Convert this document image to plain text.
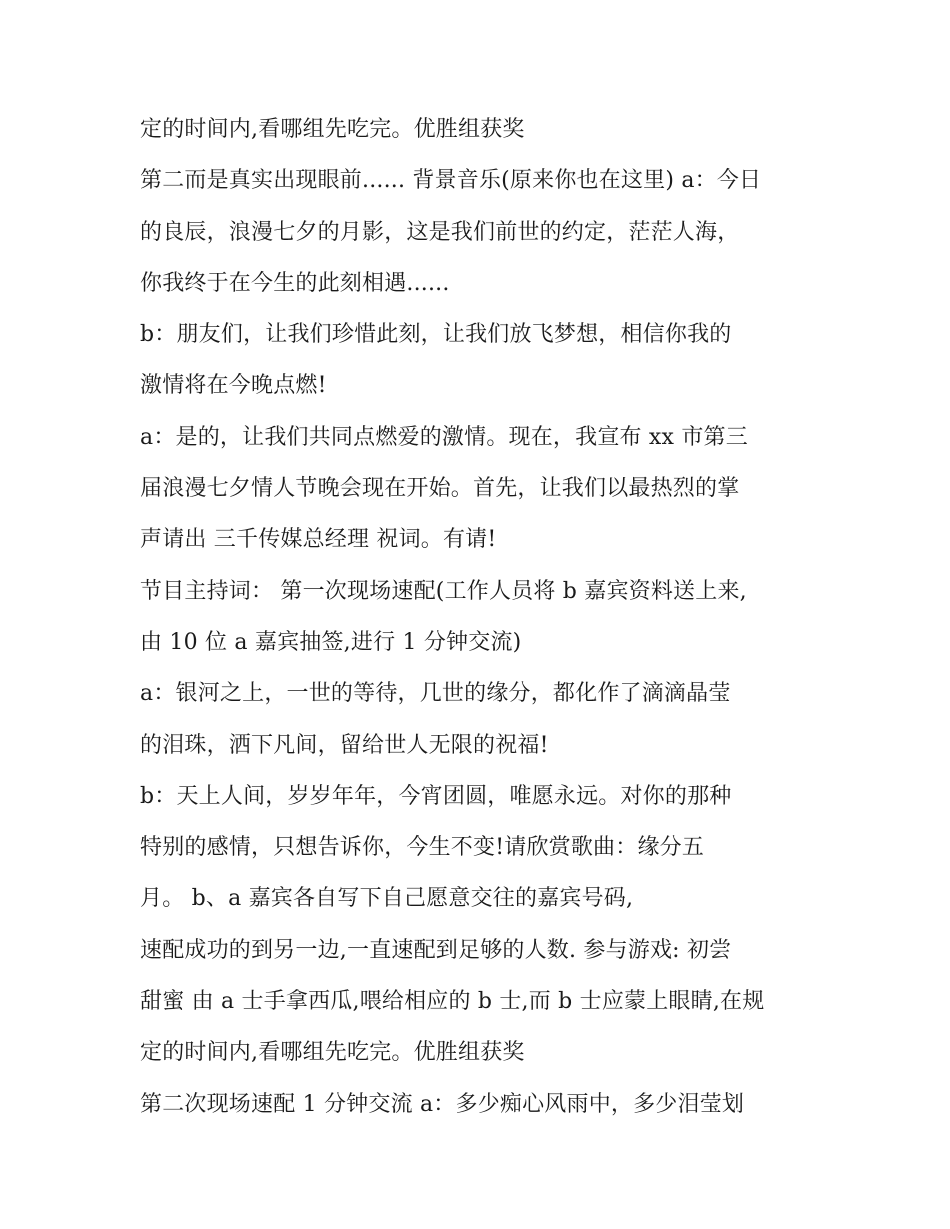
定的时间内,看哪组先吃完。优胜组获奖
第二而是真实出现眼前...... 背景音乐(原来你也在这里) a：今日
的良辰，浪漫七夕的月影，这是我们前世的约定，茫茫人海，
你我终于在今生的此刻相遇......
b：朋友们，让我们珍惜此刻，让我们放飞梦想，相信你我的
激情将在今晚点燃!
a：是的，让我们共同点燃爱的激情。现在，我宣布 xx 市第三
届浪漫七夕情人节晚会现在开始。首先，让我们以最热烈的掌
声请出 三千传媒总经理 祝词。有请!
节目主持词： 第一次现场速配(工作人员将 b 嘉宾资料送上来,
由 10 位 a 嘉宾抽签,进行 1 分钟交流)
a：银河之上，一世的等待，几世的缘分，都化作了滴滴晶莹
的泪珠，洒下凡间，留给世人无限的祝福!
b：天上人间，岁岁年年，今宵团圆，唯愿永远。对你的那种
特别的感情，只想告诉你，今生不变!请欣赏歌曲：缘分五
月。 b、a 嘉宾各自写下自己愿意交往的嘉宾号码,
速配成功的到另一边,一直速配到足够的人数. 参与游戏: 初尝
甜蜜 由 a 士手拿西瓜,喂给相应的 b 士,而 b 士应蒙上眼睛,在规
定的时间内,看哪组先吃完。优胜组获奖
第二次现场速配 1 分钟交流 a：多少痴心风雨中，多少泪莹划
